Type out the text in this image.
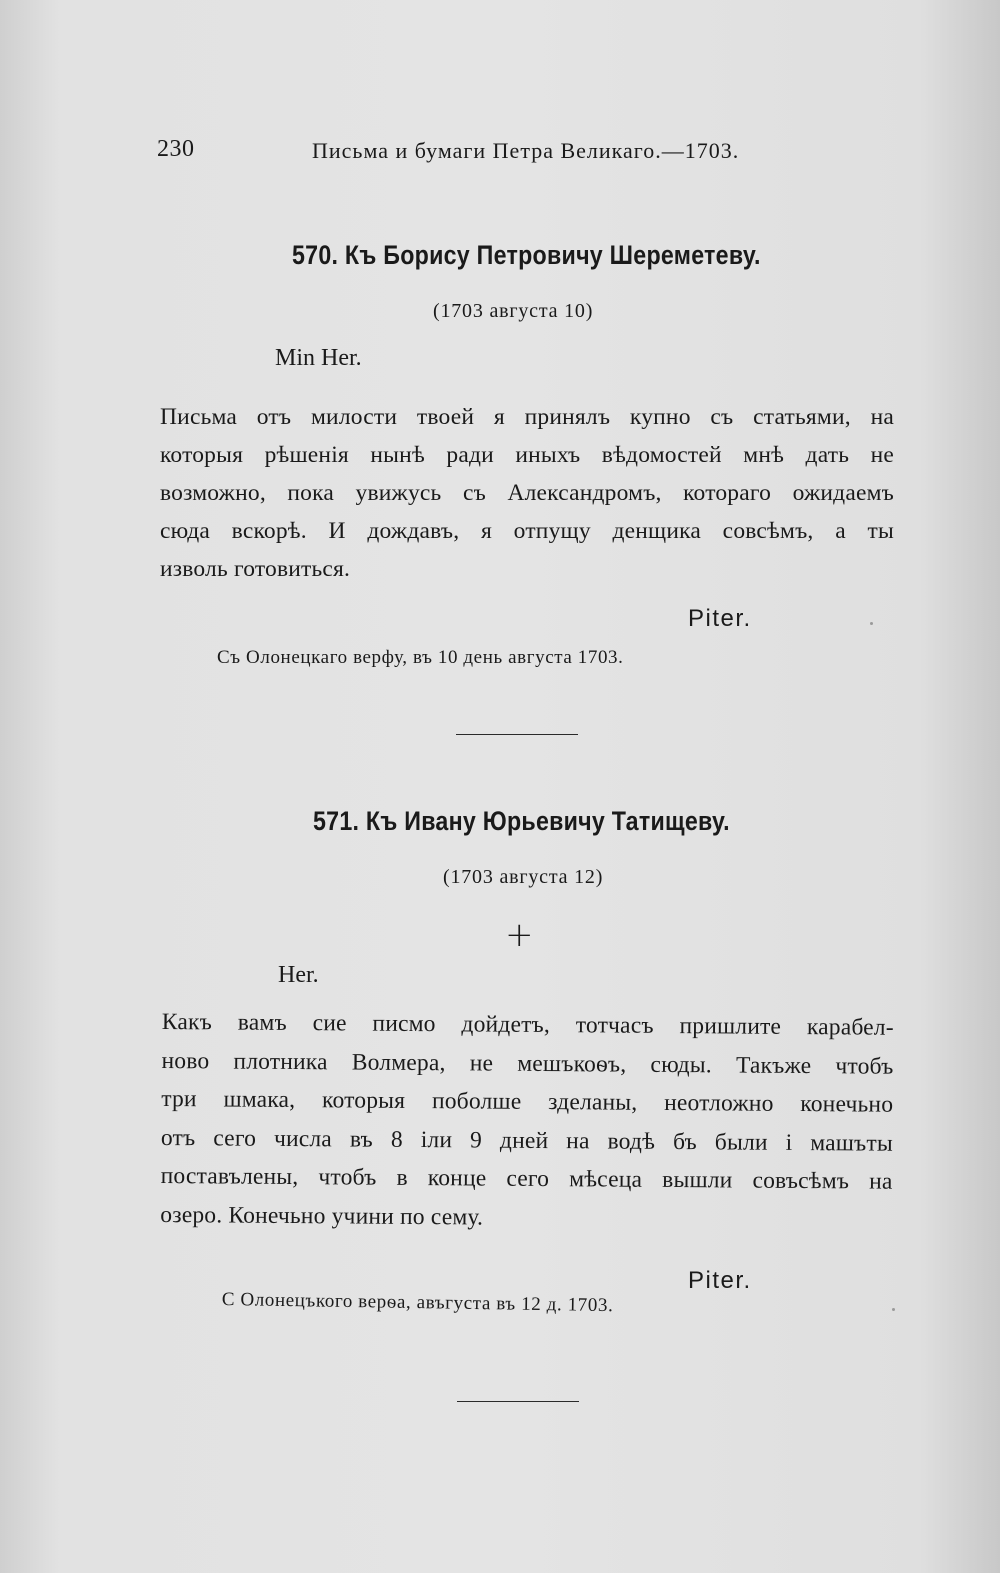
230	Письма и бумаги Петра Великаго.—1703.
570. Къ Борису Петровичу Шереметеву.
(1703 августа 10)
Min Her.
Письма отъ милости твоей я принялъ купно съ статьями, на
которыя рѣшенія нынѣ ради иныхъ вѣдомостей мнѣ дать не
возможно, пока увижусь съ Александромъ, котораго ожидаемъ
сюда вскорѣ. И дождавъ, я отпущу денщика совсѣмъ, а ты
изволь готовиться.
Piter.
Съ Олонецкаго верфу, въ 10 день августа 1703.
571. Къ Ивану Юрьевичу Татищеву.
(1703 августа 12)
+
Her.
Какъ вамъ сие писмо дойдетъ, тотчасъ пришлите карабел-
ново плотника Волмера, не мешъкоѳъ, сюды. Такъже чтобъ
три шмака, которыя поболше зделаны, неотложно конечьно
отъ сего числа въ 8 iли 9 дней на водѣ бъ были i машъты
поставълены, чтобъ в конце сего мѣсеца вышли совъсѣмъ на
озеро. Конечьно учини по сему.
Piter.
С Олонецъкого верѳа, авъгуста въ 12 д. 1703.
